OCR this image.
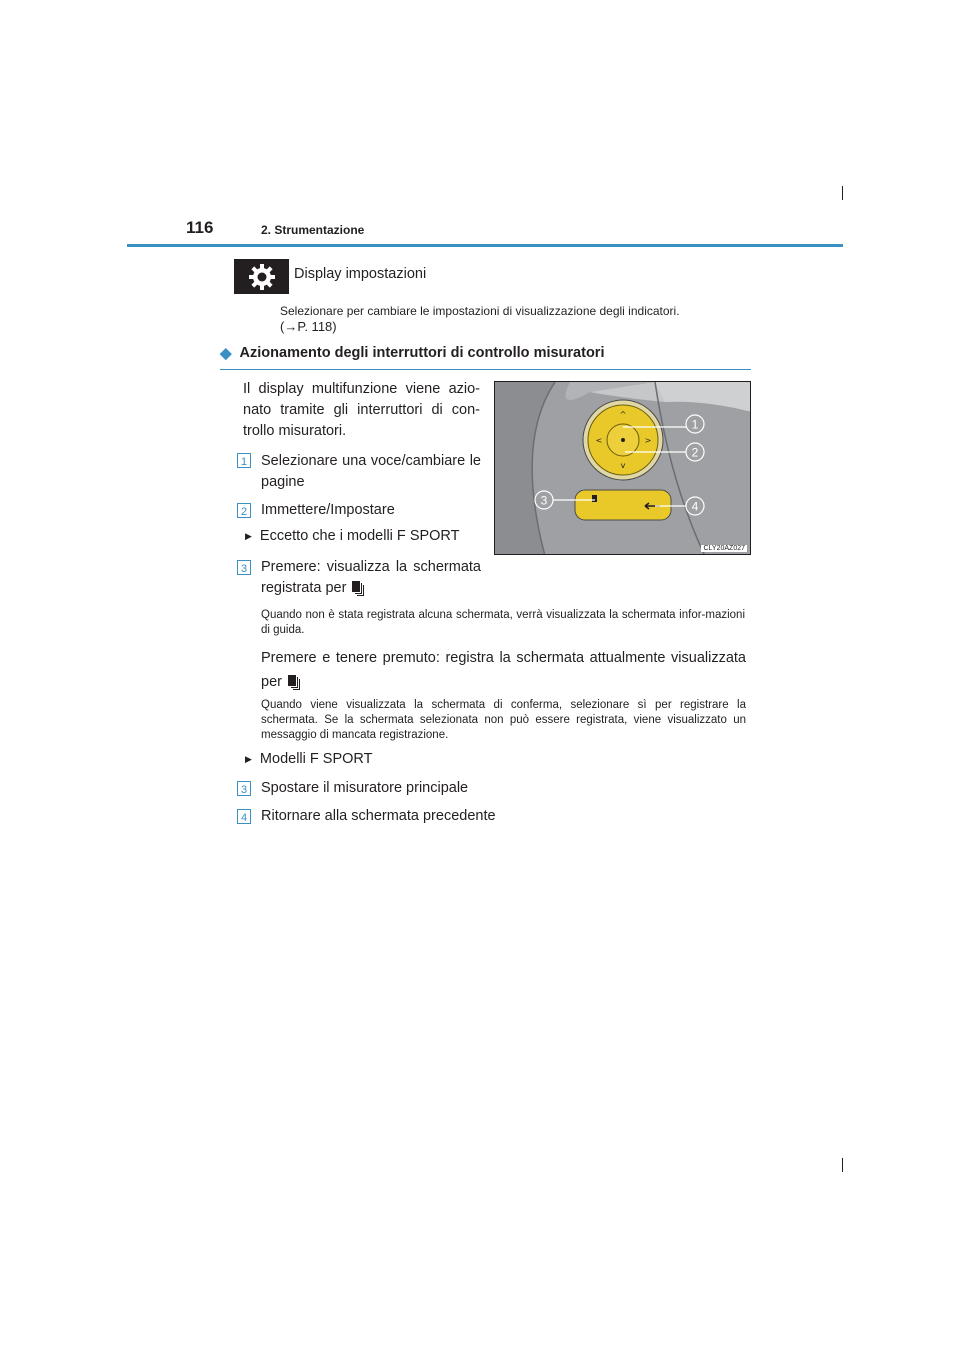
116	2. Strumentazione
Display impostazioni
Selezionare per cambiare le impostazioni di visualizzazione degli indicatori.
(→P. 118)
◆ Azionamento degli interruttori di controllo misuratori
Il display multifunzione viene azio-nato tramite gli interruttori di con-trollo misuratori.
^
v
<	>
1
2
3	4
CLY20AZ027
1 Selezionare una voce/cambiare le pagine
2 Immettere/Impostare
▶ Eccetto che i modelli F SPORT
3 Premere: visualizza la schermata registrata per
Quando non è stata registrata alcuna schermata, verrà visualizzata la schermata infor-mazioni di guida.
Premere e tenere premuto: registra la schermata attualmente visualizzata per
Quando viene visualizzata la schermata di conferma, selezionare sì per registrare la schermata. Se la schermata selezionata non può essere registrata, viene visualizzato un messaggio di mancata registrazione.
▶ Modelli F SPORT
3 Spostare il misuratore principale
4 Ritornare alla schermata precedente
